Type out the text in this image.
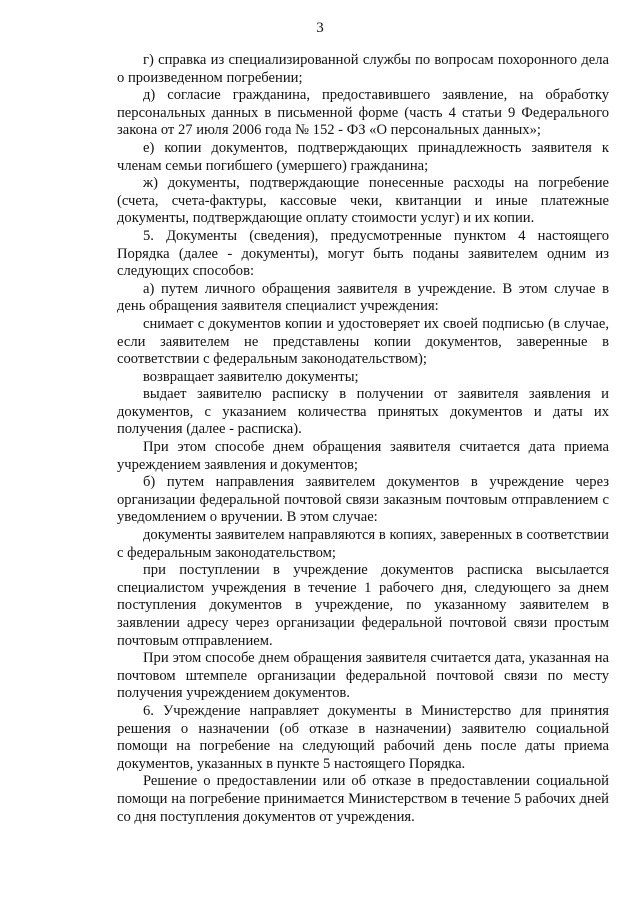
3

г) справка из специализированной службы по вопросам похоронного дела о произведенном погребении;

д) согласие гражданина, предоставившего заявление, на обработку персональных данных в письменной форме (часть 4 статьи 9 Федерального закона от 27 июля 2006 года № 152 - ФЗ «О персональных данных»;

е) копии документов, подтверждающих принадлежность заявителя к членам семьи погибшего (умершего) гражданина;

ж) документы, подтверждающие понесенные расходы на погребение (счета, счета-фактуры, кассовые чеки, квитанции и иные платежные документы, подтверждающие оплату стоимости услуг) и их копии.

5. Документы (сведения), предусмотренные пунктом 4 настоящего Порядка (далее - документы), могут быть поданы заявителем одним из следующих способов:

а) путем личного обращения заявителя в учреждение. В этом случае в день обращения заявителя специалист учреждения:

снимает с документов копии и удостоверяет их своей подписью (в случае, если заявителем не представлены копии документов, заверенные в соответствии с федеральным законодательством);

возвращает заявителю документы;

выдает заявителю расписку в получении от заявителя заявления и документов, с указанием количества принятых документов и даты их получения (далее - расписка).

При этом способе днем обращения заявителя считается дата приема учреждением заявления и документов;

б) путем направления заявителем документов в учреждение через организации федеральной почтовой связи заказным почтовым отправлением с уведомлением о вручении. В этом случае:

документы заявителем направляются в копиях, заверенных в соответствии с федеральным законодательством;

при поступлении в учреждение документов расписка высылается специалистом учреждения в течение 1 рабочего дня, следующего за днем поступления документов в учреждение, по указанному заявителем в заявлении адресу через организации федеральной почтовой связи простым почтовым отправлением.

При этом способе днем обращения заявителя считается дата, указанная на почтовом штемпеле организации федеральной почтовой связи по месту получения учреждением документов.

6. Учреждение направляет документы в Министерство для принятия решения о назначении (об отказе в назначении) заявителю социальной помощи на погребение на следующий рабочий день после даты приема документов, указанных в пункте 5 настоящего Порядка.

Решение о предоставлении или об отказе в предоставлении социальной помощи на погребение принимается Министерством в течение 5 рабочих дней со дня поступления документов от учреждения.
